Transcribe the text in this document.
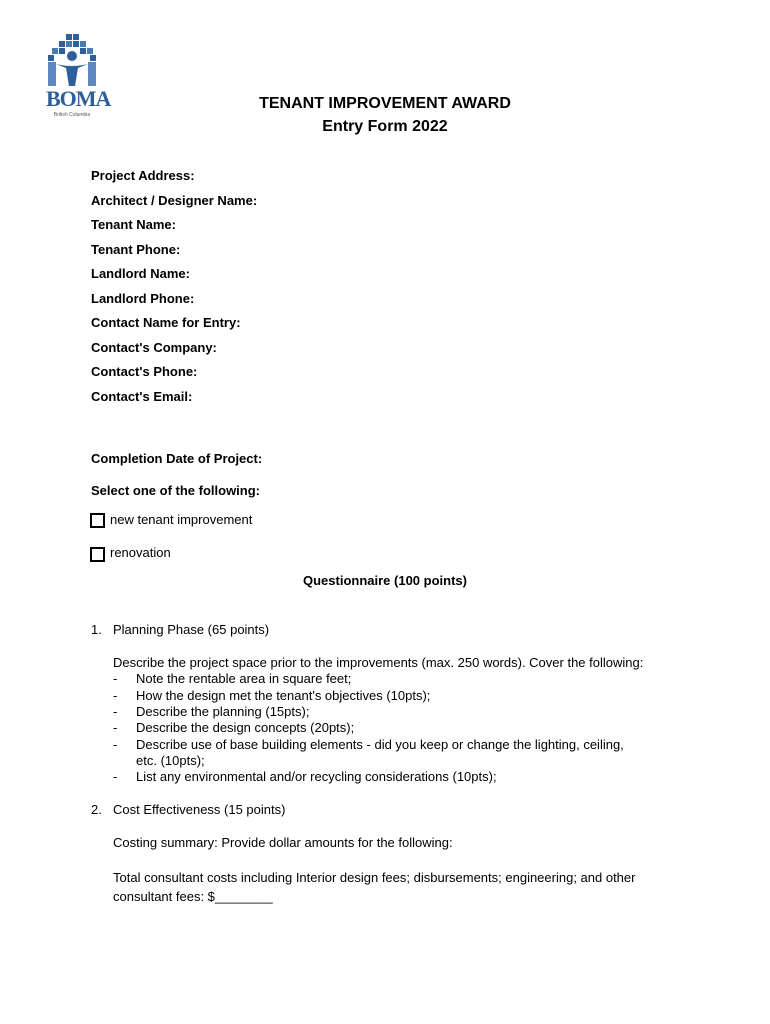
BOMA
British Columbia
TENANT IMPROVEMENT AWARD
Entry Form 2022
Project Address:
Architect / Designer Name:
Tenant Name:
Tenant Phone:
Landlord Name:
Landlord Phone:
Contact Name for Entry:
Contact's Company:
Contact's Phone:
Contact's Email:
Completion Date of Project:
Select one of the following:
new tenant improvement
renovation
Questionnaire (100 points)
1. Planning Phase (65 points)
Describe the project space prior to the improvements (max. 250 words). Cover the following:
- Note the rentable area in square feet;
- How the design met the tenant's objectives (10pts);
- Describe the planning (15pts);
- Describe the design concepts (20pts);
- Describe use of base building elements - did you keep or change the lighting, ceiling,
etc. (10pts);
- List any environmental and/or recycling considerations (10pts);
2. Cost Effectiveness (15 points)
Costing summary: Provide dollar amounts for the following:
Total consultant costs including Interior design fees; disbursements; engineering; and other
consultant fees: $________
